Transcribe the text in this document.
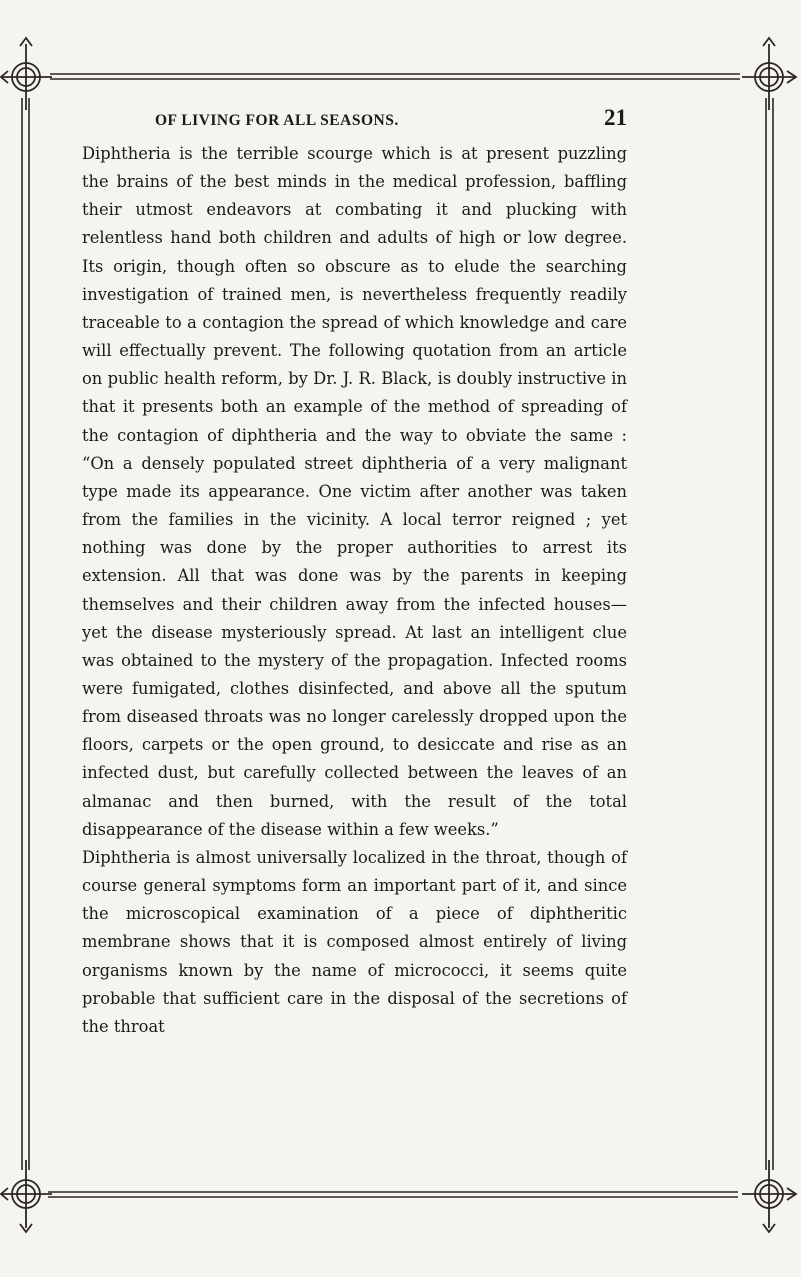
OF LIVING FOR ALL SEASONS.	21

Diphtheria is the terrible scourge which is at present puzzling the brains of the best minds in the medical profession, baffling their utmost endeavors at combating it and plucking with relentless hand both children and adults of high or low degree. Its origin, though often so obscure as to elude the searching investigation of trained men, is nevertheless frequently readily traceable to a contagion the spread of which knowledge and care will effectually prevent. The following quotation from an article on public health reform, by Dr. J. R. Black, is doubly instructive in that it presents both an example of the method of spreading of the contagion of diphtheria and the way to obviate the same : “On a densely populated street diphtheria of a very malignant type made its appearance. One victim after another was taken from the families in the vicinity. A local terror reigned ; yet nothing was done by the proper authorities to arrest its extension. All that was done was by the parents in keeping themselves and their children away from the infected houses—yet the disease mysteriously spread. At last an intelligent clue was obtained to the mystery of the propagation. Infected rooms were fumigated, clothes disinfected, and above all the sputum from diseased throats was no longer carelessly dropped upon the floors, carpets or the open ground, to desiccate and rise as an infected dust, but carefully collected between the leaves of an almanac and then burned, with the result of the total disappearance of the disease within a few weeks.”

Diphtheria is almost universally localized in the throat, though of course general symptoms form an important part of it, and since the microscopical examination of a piece of diphtheritic membrane shows that it is composed almost entirely of living organisms known by the name of micrococci, it seems quite probable that sufficient care in the disposal of the secretions of the throat
